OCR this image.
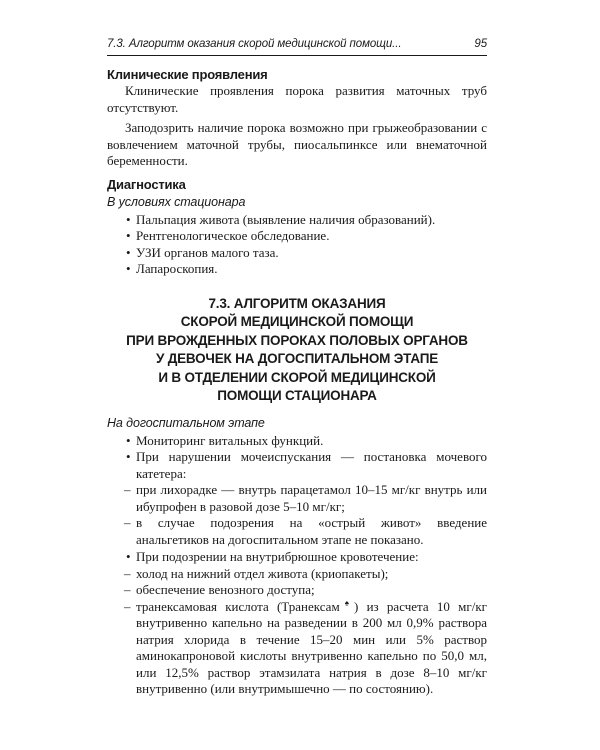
7.3. Алгоритм оказания скорой медицинской помощи...	95
Клинические проявления

Клинические проявления порока развития маточных труб отсутствуют.

Заподозрить наличие порока возможно при грыжеобразовании с вовлечением маточной трубы, пиосальпинксе или внематочной беременности.

Диагностика
В условиях стационара
• Пальпация живота (выявление наличия образований).
• Рентгенологическое обследование.
• УЗИ органов малого таза.
• Лапароскопия.
7.3. АЛГОРИТМ ОКАЗАНИЯ
СКОРОЙ МЕДИЦИНСКОЙ ПОМОЩИ
ПРИ ВРОЖДЕННЫХ ПОРОКАХ ПОЛОВЫХ ОРГАНОВ
У ДЕВОЧЕК НА ДОГОСПИТАЛЬНОМ ЭТАПЕ
И В ОТДЕЛЕНИИ СКОРОЙ МЕДИЦИНСКОЙ
ПОМОЩИ СТАЦИОНАРА
На догоспитальном этапе
• Мониторинг витальных функций.
• При нарушении мочеиспускания — постановка мочевого катетера:
– при лихорадке — внутрь парацетамол 10–15 мг/кг внутрь или ибупрофен в разовой дозе 5–10 мг/кг;
– в случае подозрения на «острый живот» введение анальгетиков на догоспитальном этапе не показано.
• При подозрении на внутрибрюшное кровотечение:
– холод на нижний отдел живота (криопакеты);
– обеспечение венозного доступа;
– транексамовая кислота (Транексам♠) из расчета 10 мг/кг внутривенно капельно на разведении в 200 мл 0,9% раствора натрия хлорида в течение 15–20 мин или 5% раствор аминокапроновой кислоты внутривенно капельно по 50,0 мл, или 12,5% раствор этамзилата натрия в дозе 8–10 мг/кг внутривенно (или внутримышечно — по состоянию).
